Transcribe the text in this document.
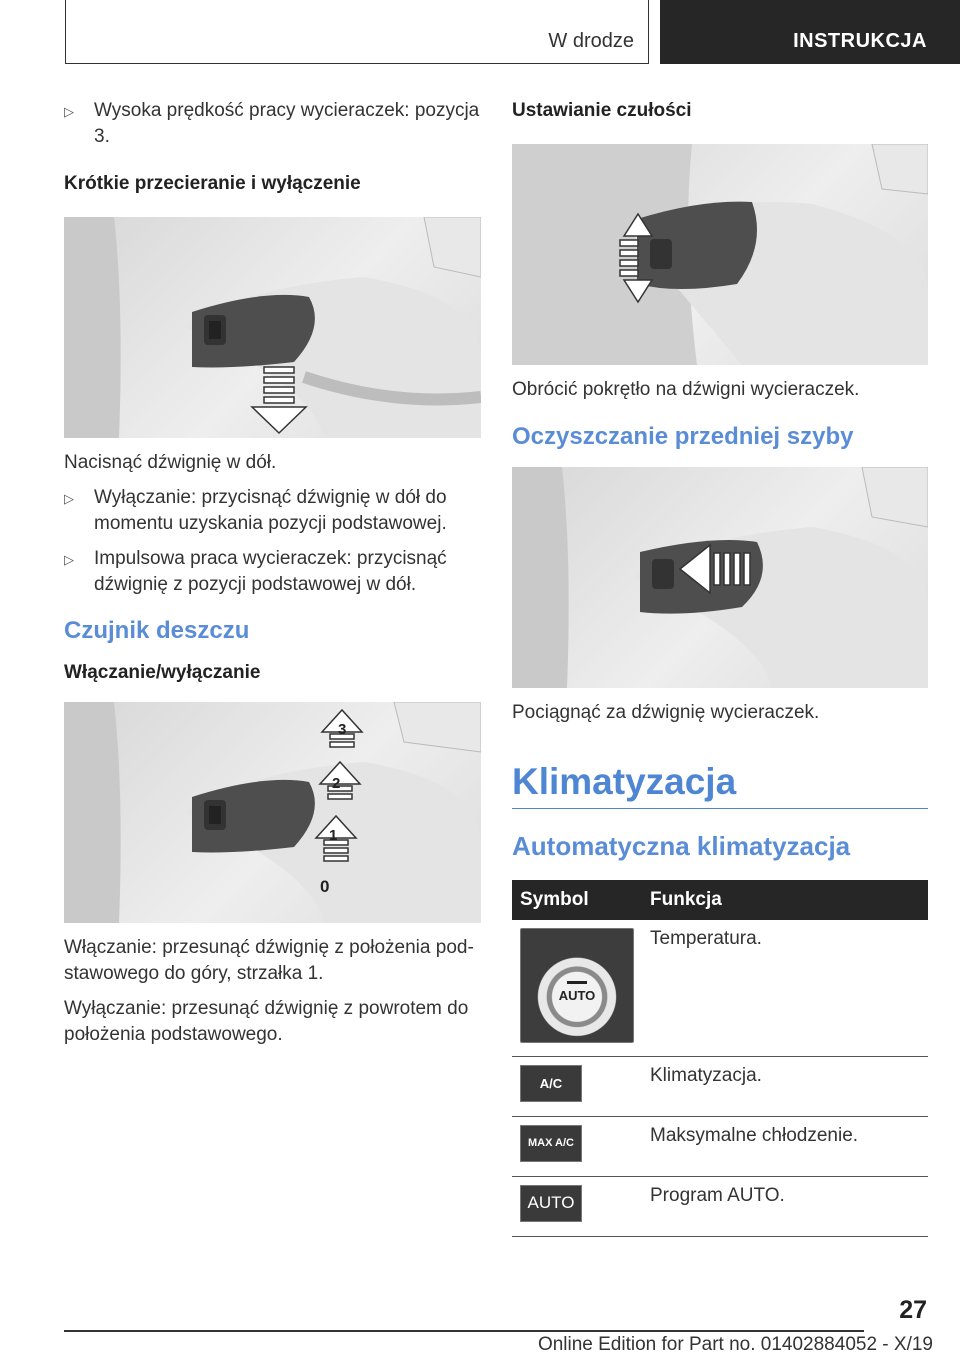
W drodze	INSTRUKCJA
▷ Wysoka prędkość pracy wycieraczek: pozycja 3.
Krótkie przecieranie i wyłączenie
Nacisnąć dźwignię w dół.
▷ Wyłączanie: przycisnąć dźwignię w dół do momentu uzyskania pozycji podstawowej.
▷ Impulsowa praca wycieraczek: przycisnąć dźwignię z pozycji podstawowej w dół.
Czujnik deszczu
Włączanie/wyłączanie
3
2
1
0
Włączanie: przesunąć dźwignię z położenia podstawowego do góry, strzałka 1.
Wyłączanie: przesunąć dźwignię z powrotem do położenia podstawowego.
Ustawianie czułości
Obrócić pokrętło na dźwigni wycieraczek.
Oczyszczanie przedniej szyby
Pociągnąć za dźwignię wycieraczek.
Klimatyzacja
Automatyczna klimatyzacja
Symbol	Funkcja

AUTO	Temperatura.

A/C	Klimatyzacja.

MAX A/C	Maksymalne chłodzenie.

AUTO	Program AUTO.
27
Online Edition for Part no. 01402884052 - X/19
